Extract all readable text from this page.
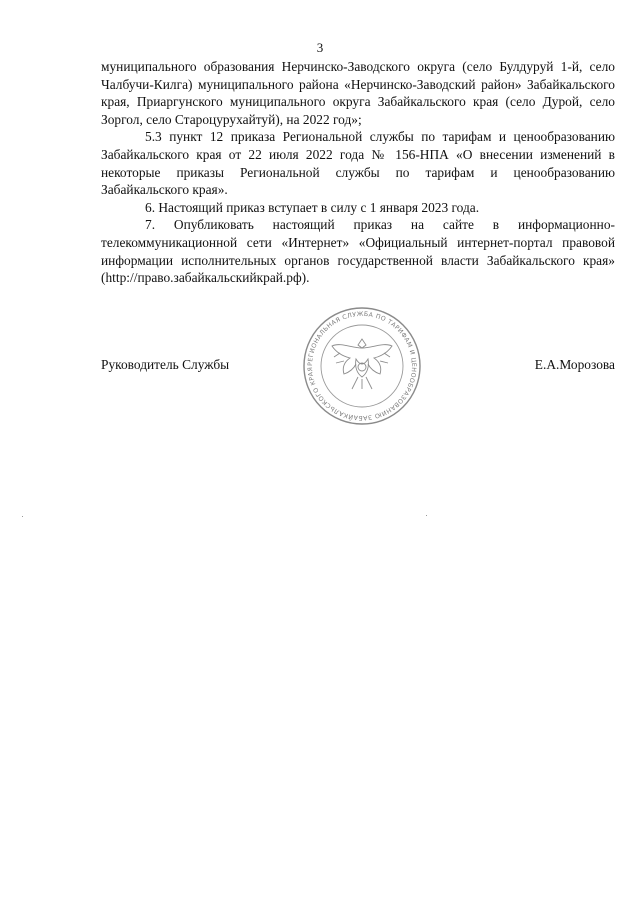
3

муниципального образования Нерчинско-Заводского округа (село Булдуруй 1-й, село Чалбучи-Килга) муниципального района «Нерчинско-Заводский район» Забайкальского края, Приаргунского муниципального округа Забайкальского края (село Дурой, село Зоргол, село Староцурухайтуй), на 2022 год»;

5.3 пункт 12 приказа Региональной службы по тарифам и ценообразованию Забайкальского края от 22 июля 2022 года № 156-НПА «О внесении изменений в некоторые приказы Региональной службы по тарифам и ценообразованию Забайкальского края».

6. Настоящий приказ вступает в силу с 1 января 2023 года.

7. Опубликовать настоящий приказ на сайте в информационно-телекоммуникационной сети «Интернет» «Официальный интернет-портал правовой информации исполнительных органов государственной власти Забайкальского края» (http://право.забайкальскийкрай.рф).

РЕГИОНАЛЬНАЯ СЛУЖБА ПО ТАРИФАМ И ЦЕНООБРАЗОВАНИЮ ЗАБАЙКАЛЬСКОГО КРАЯ
Руководитель Службы	Е.А.Морозова
